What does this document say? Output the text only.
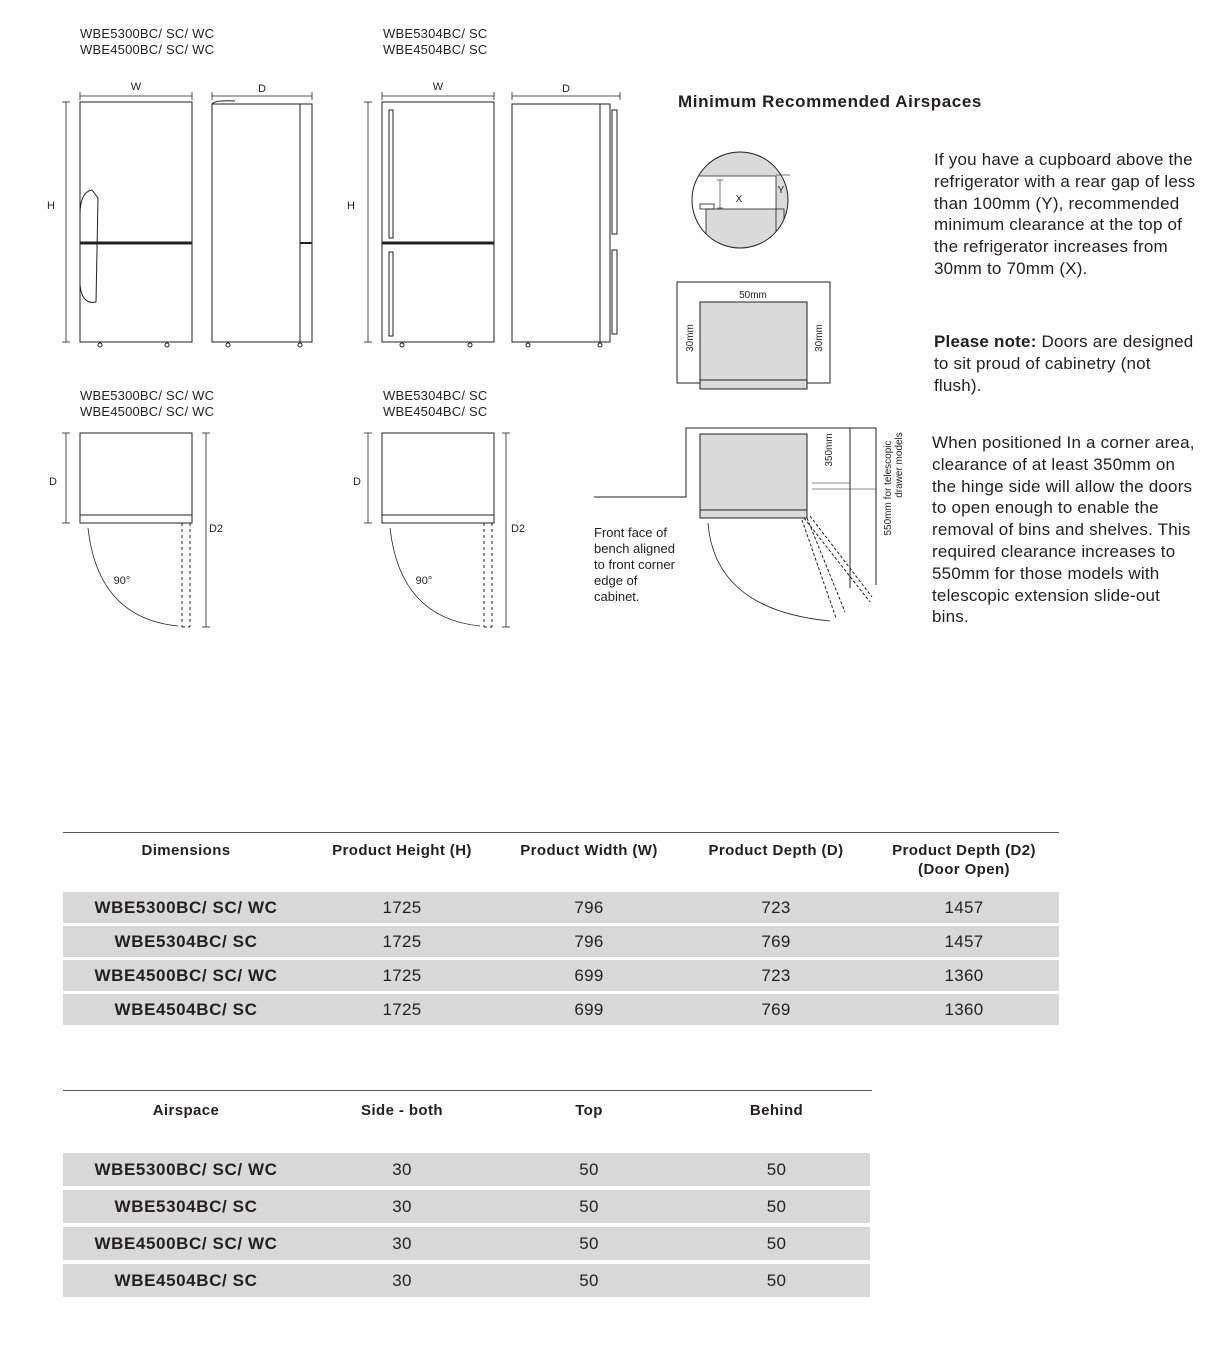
WBE5300BC/ SC/ WC
WBE4500BC/ SC/ WC
WBE5304BC/ SC
WBE4504BC/ SC
WBE5300BC/ SC/ WC
WBE4500BC/ SC/ WC
WBE5304BC/ SC
WBE4504BC/ SC
W	D
H
W	D
H
D
D2
90°
D
D2
90°
X
Y
50mm
30mm	30mm
350mm	550mm for telescopic drawer models
Front face of
bench aligned
to front corner
edge of
cabinet.
Minimum Recommended Airspaces
If you have a cupboard above the refrigerator with a rear gap of less than 100mm (Y), recommended minimum clearance at the top of the refrigerator increases from 30mm to 70mm (X).
Please note: Doors are designed to sit proud of cabinetry (not flush).
When positioned In a corner area, clearance of at least 350mm on the hinge side will allow the doors to open enough to enable the removal of bins and shelves. This required clearance increases to 550mm for those models with telescopic extension slide-out bins.
Dimensions	Product Height (H)	Product Width (W)	Product Depth (D)	Product Depth (D2)
(Door Open)

WBE5300BC/ SC/ WC	1725	796	723	1457
WBE5304BC/ SC	1725	796	769	1457
WBE4500BC/ SC/ WC	1725	699	723	1360
WBE4504BC/ SC	1725	699	769	1360
Airspace	Side - both	Top	Behind
WBE5300BC/ SC/ WC	30	50	50
WBE5304BC/ SC	30	50	50
WBE4500BC/ SC/ WC	30	50	50
WBE4504BC/ SC	30	50	50
